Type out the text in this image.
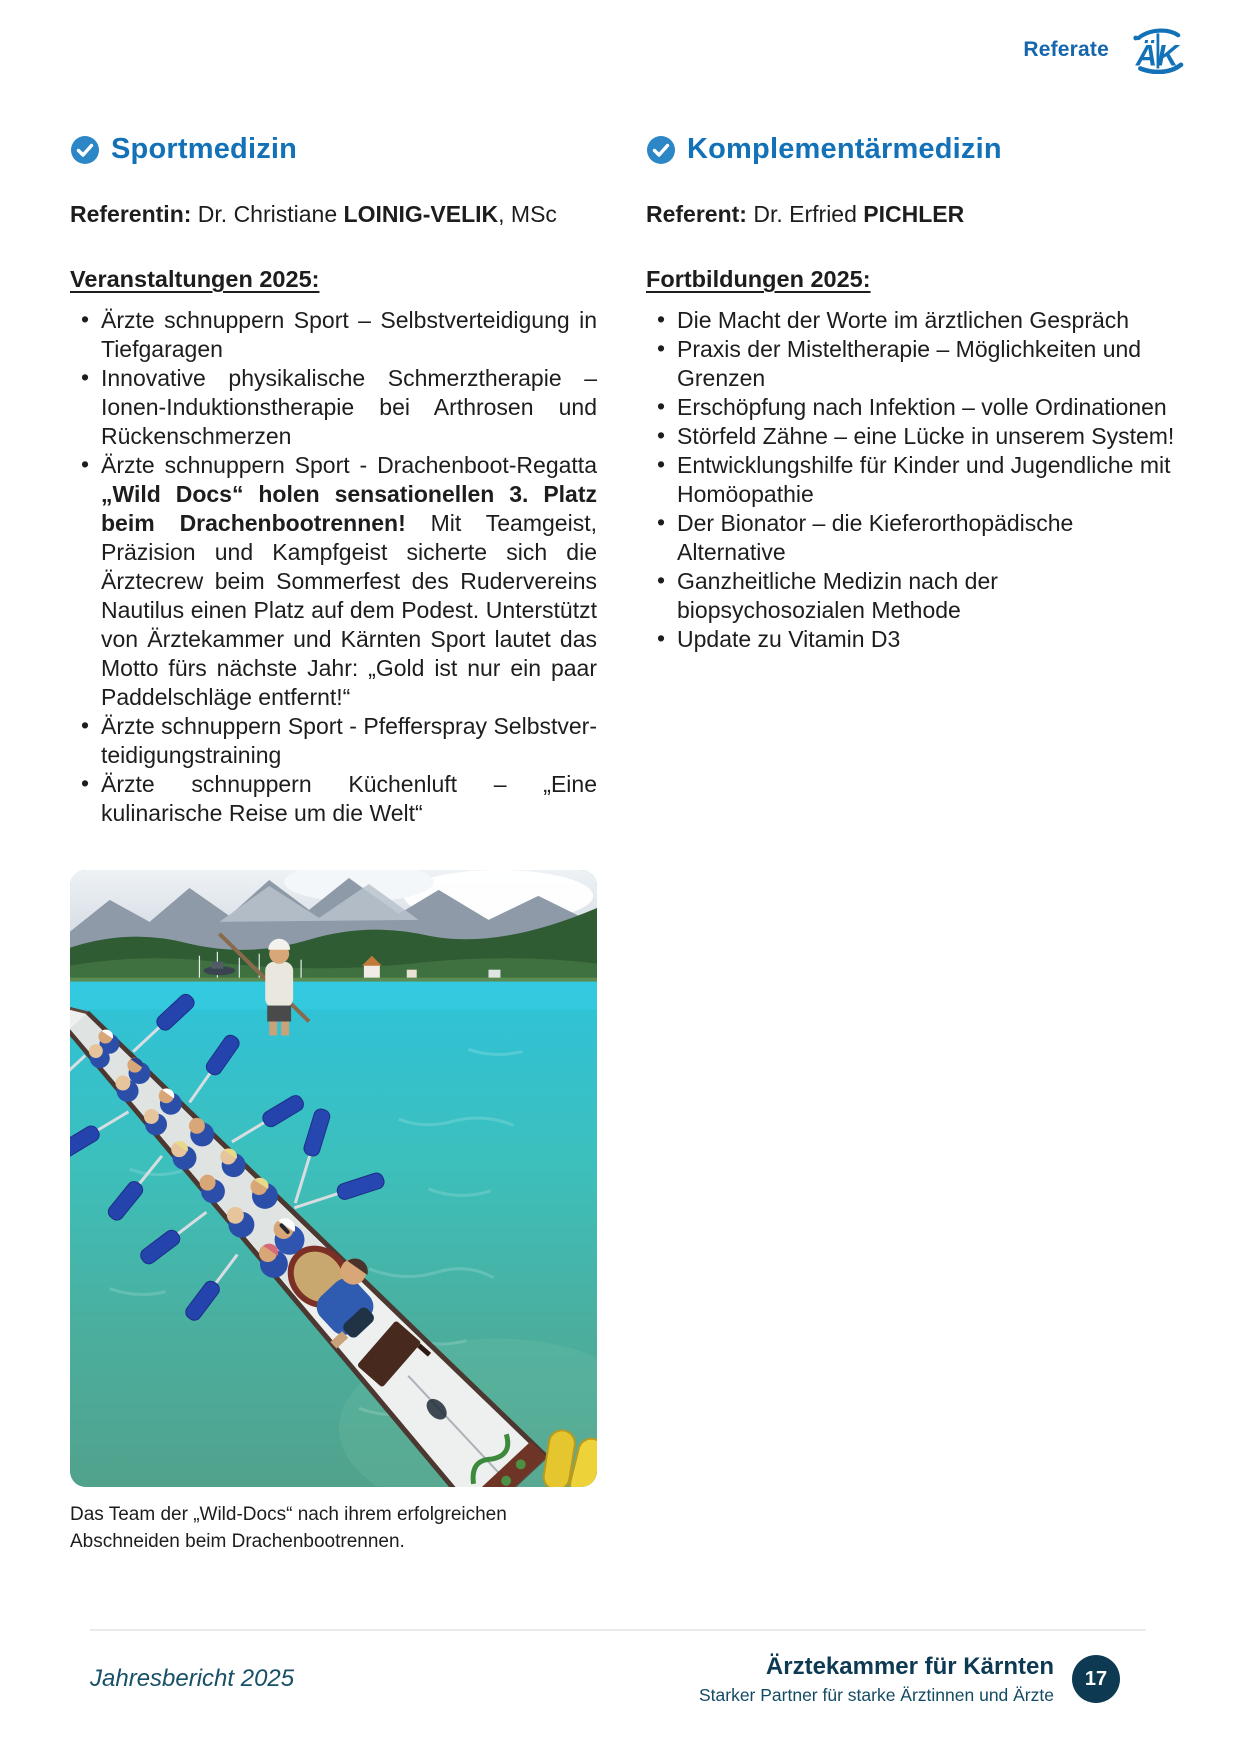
Referate ÄK
Sportmedizin

Referentin: Dr. Christiane LOINIG-VELIK, MSc

Veranstaltungen 2025:

• Ärzte schnuppern Sport – Selbstverteidigung in Tiefgaragen
• Innovative physikalische Schmerztherapie – Ionen-Induktionstherapie bei Arthrosen und Rückenschmerzen
• Ärzte schnuppern Sport - Drachenboot-Regatta „Wild Docs“ holen sensationellen 3. Platz beim Drachenbootrennen! Mit Teamgeist, Präzision und Kampfgeist sicherte sich die Ärztecrew beim Sommerfest des Rudervereins Nautilus einen Platz auf dem Podest. Unterstützt von Ärztekammer und Kärnten Sport lautet das Motto fürs nächste Jahr: „Gold ist nur ein paar Paddelschläge entfernt!“
• Ärzte schnuppern Sport - Pfefferspray Selbstverteidigungstraining
• Ärzte schnuppern Küchenluft – „Eine kulinarische Reise um die Welt“
Das Team der „Wild-Docs“ nach ihrem erfolgreichen Abschneiden beim Drachenbootrennen.
Komplementärmedizin

Referent: Dr. Erfried PICHLER

Fortbildungen 2025:

• Die Macht der Worte im ärztlichen Gespräch
• Praxis der Misteltherapie – Möglichkeiten und Grenzen
• Erschöpfung nach Infektion – volle Ordinationen
• Störfeld Zähne – eine Lücke in unserem System!
• Entwicklungshilfe für Kinder und Jugendliche mit Homöopathie
• Der Bionator – die Kieferorthopädische Alternative
• Ganzheitliche Medizin nach der biopsychosozialen Methode
• Update zu Vitamin D3
Jahresbericht 2025	Ärztekammer für Kärnten
Starker Partner für starke Ärztinnen und Ärzte
17
